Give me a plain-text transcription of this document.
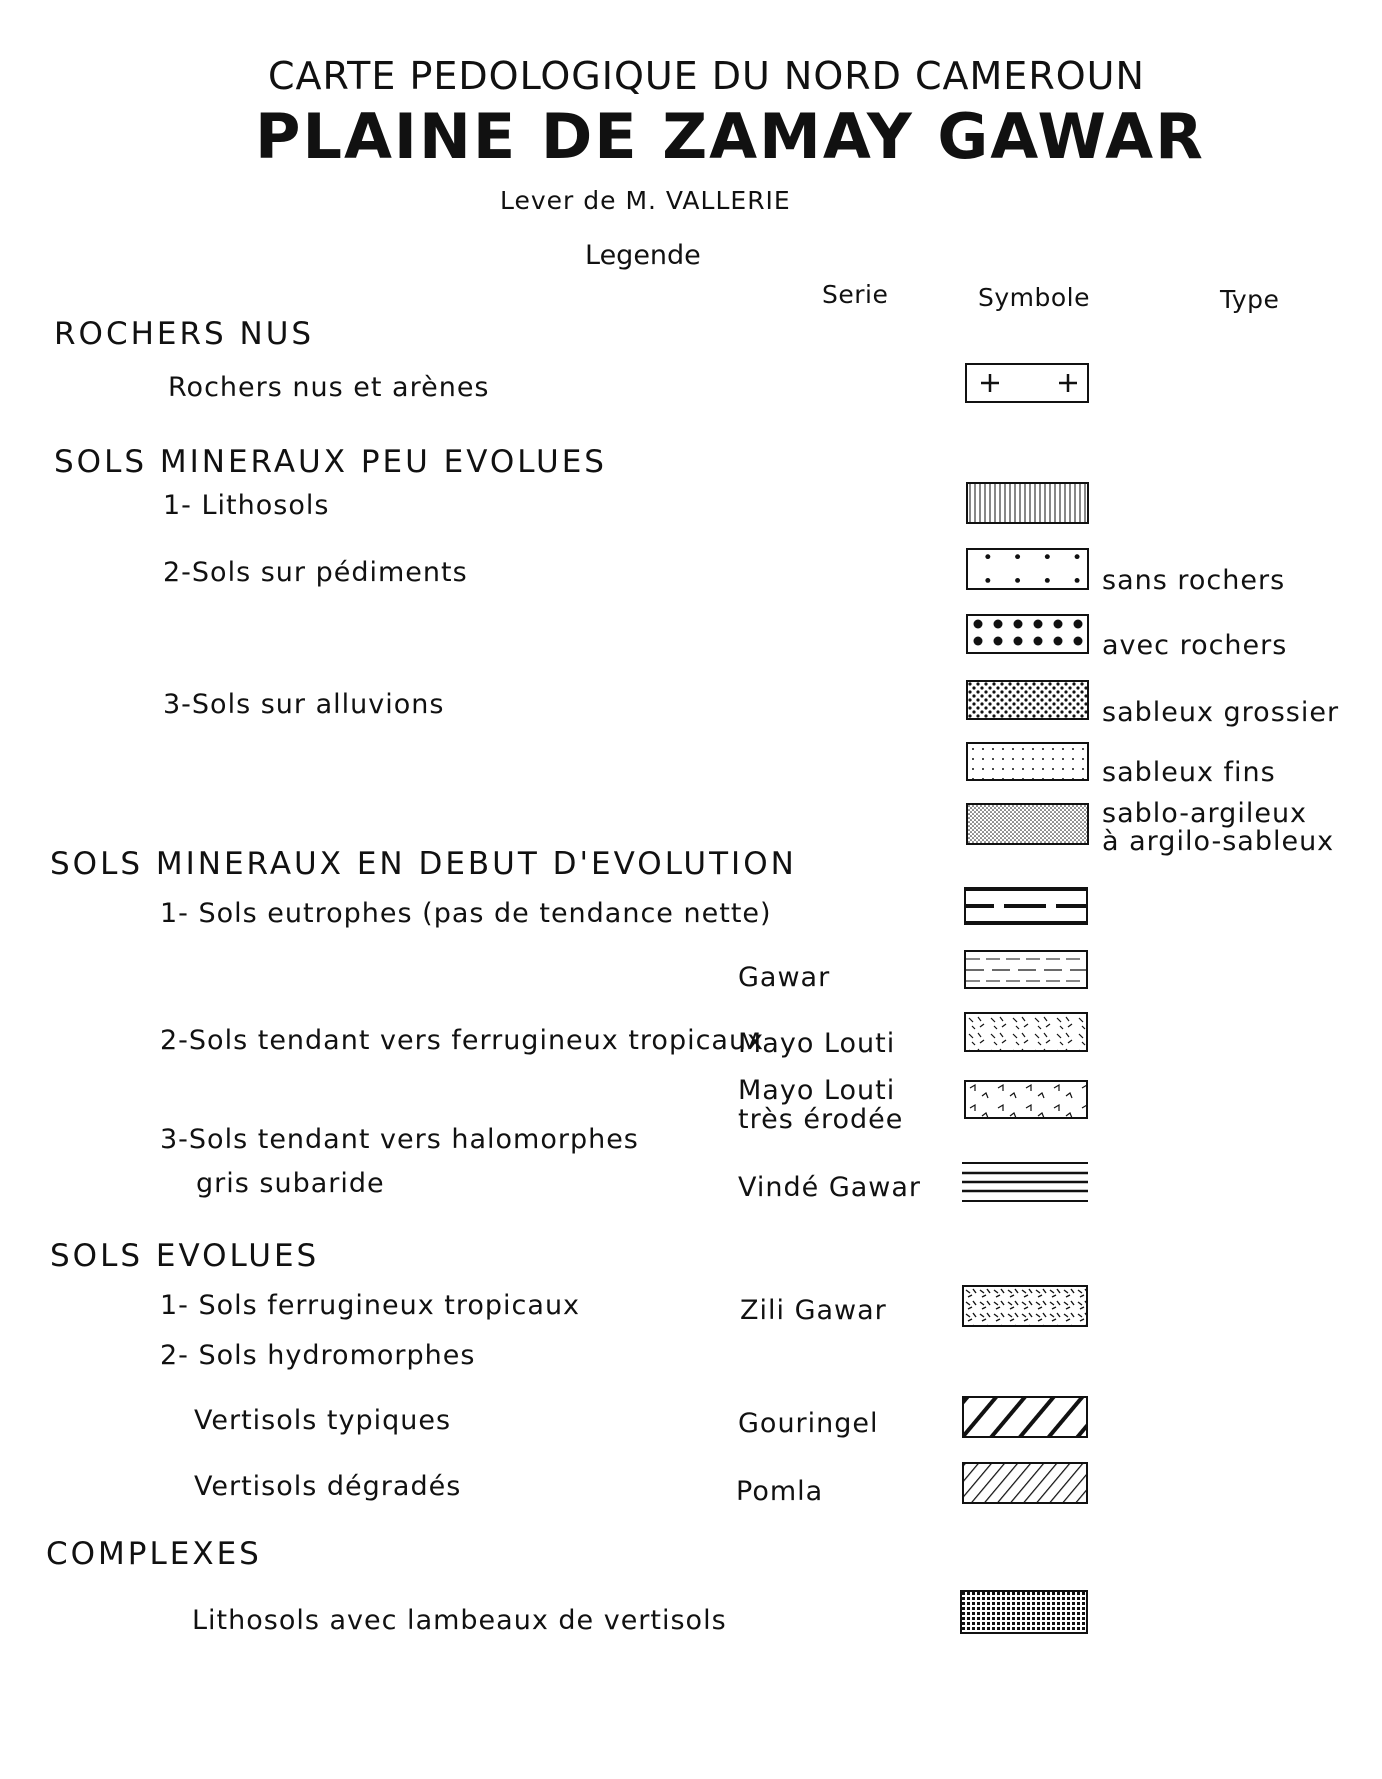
CARTE PEDOLOGIQUE DU NORD CAMEROUN
PLAINE DE ZAMAY GAWAR
Lever de M. VALLERIE
Legende
Serie	Symbole	Type
ROCHERS NUS
Rochers nus et arènes
SOLS MINERAUX PEU EVOLUES
1- Lithosols
2-Sols sur pédiments
3-Sols sur alluvions
sans rochers
avec rochers
sableux grossier
sableux fins
sablo-argileux
à argilo-sableux
SOLS MINERAUX EN DEBUT D'EVOLUTION
1- Sols eutrophes (pas de tendance nette)
2-Sols tendant vers ferrugineux tropicaux
3-Sols tendant vers halomorphes
gris subaride
Gawar
Mayo Louti
Mayo Louti
très érodée
Vindé Gawar
SOLS EVOLUES
1- Sols ferrugineux tropicaux
2- Sols hydromorphes
Vertisols typiques
Vertisols dégradés
Zili Gawar
Gouringel
Pomla
COMPLEXES
Lithosols avec lambeaux de vertisols
